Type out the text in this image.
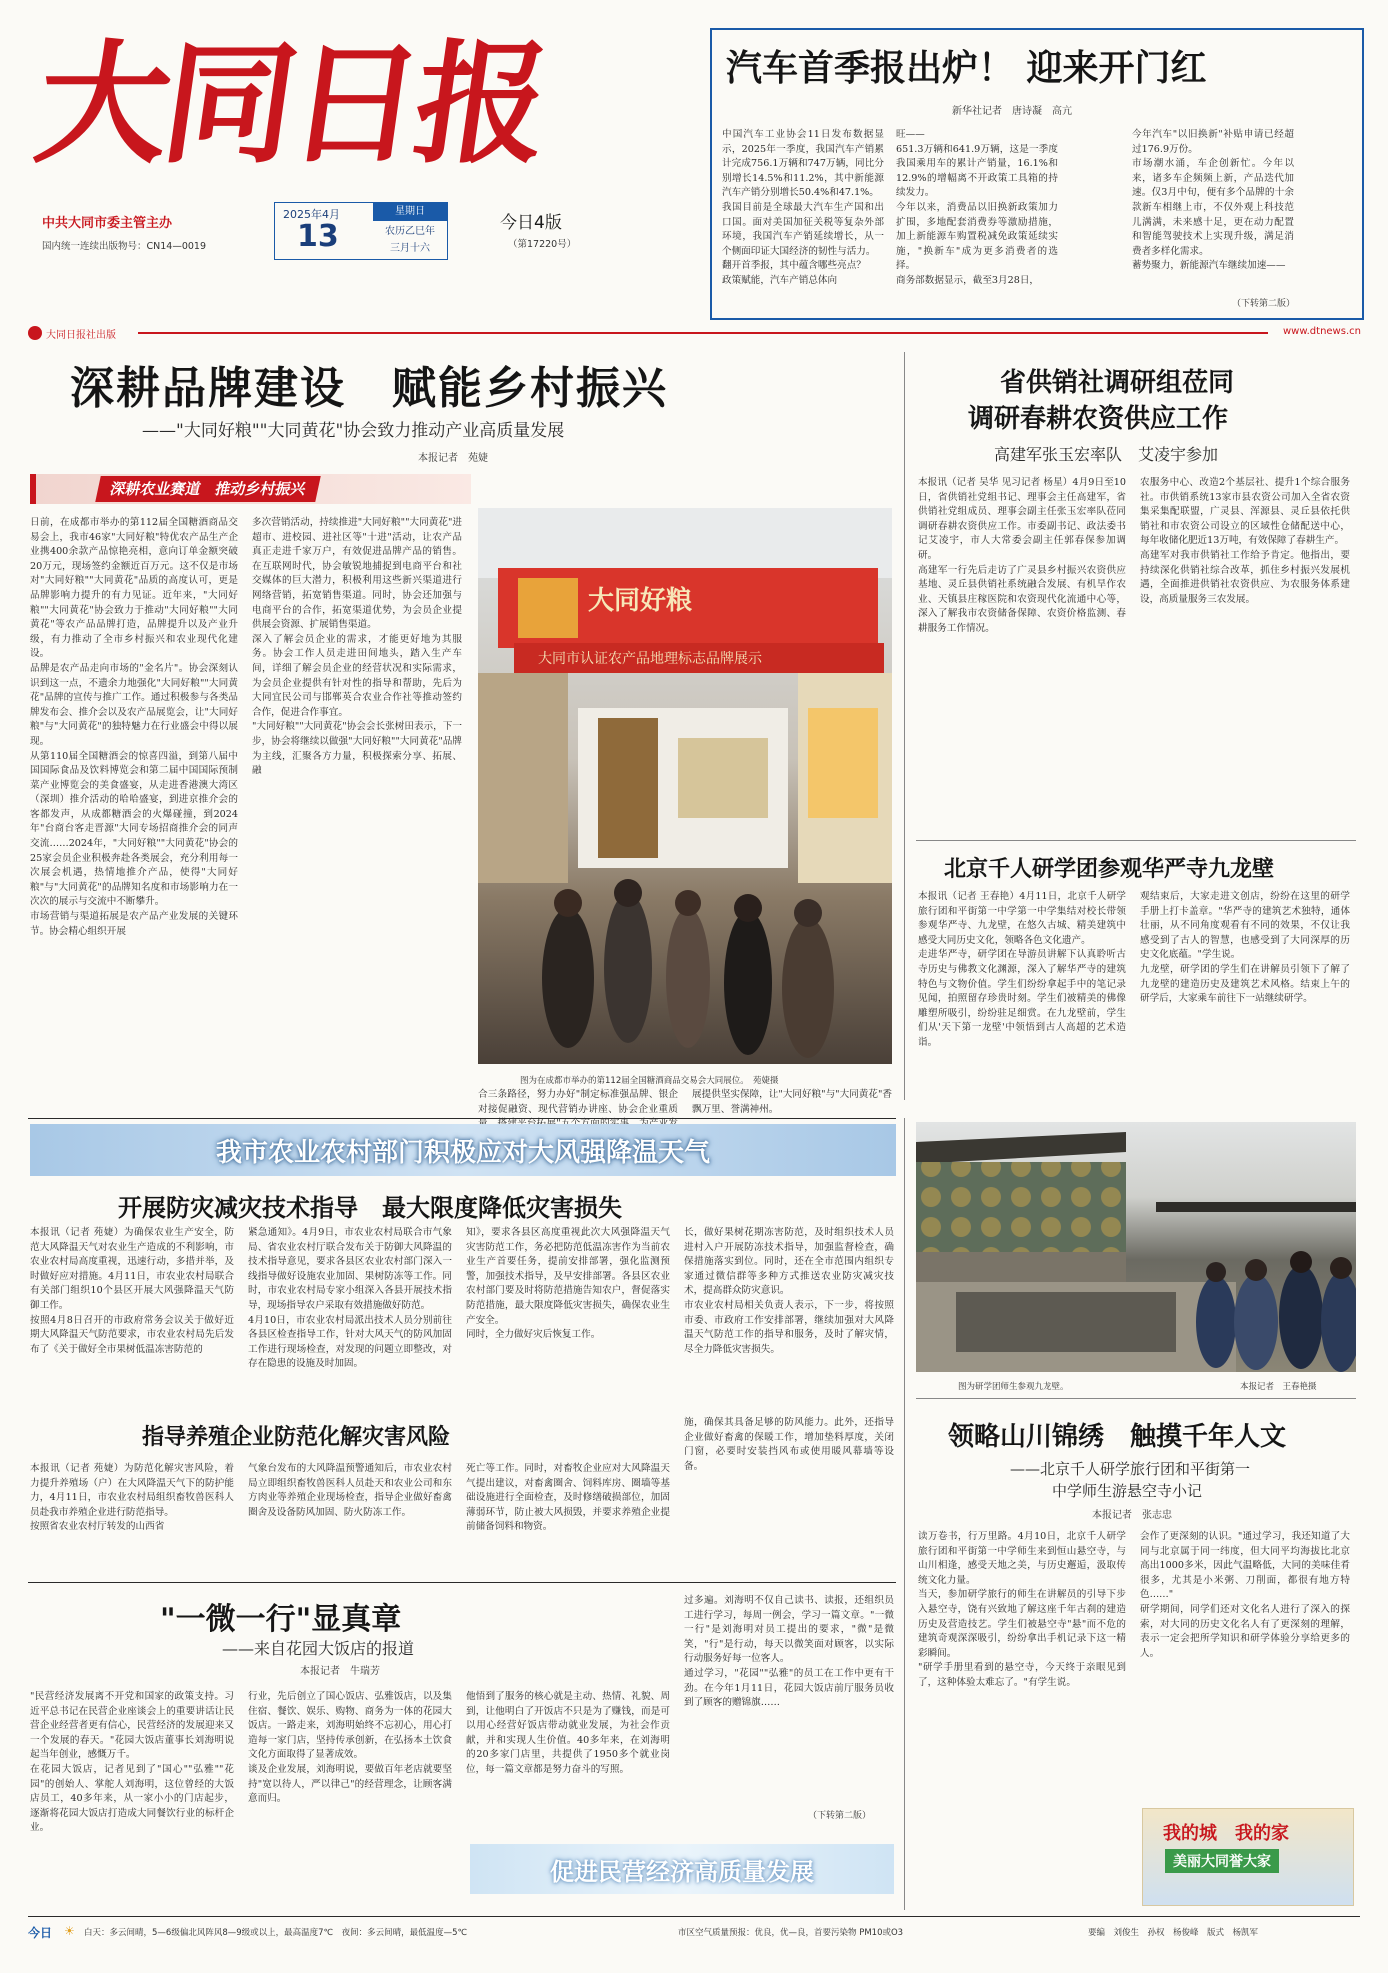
大同日报
中共大同市委主管主办
国内统一连续出版物号：CN14—0019
2025年4月
13
星期日
农历乙巳年
三月十六
今日4版
（第17220号）
汽车首季报出炉！ 迎来开门红
新华社记者　唐诗凝　高亢
中国汽车工业协会11日发布数据显示，2025年一季度，我国汽车产销累计完成756.1万辆和747万辆，同比分别增长14.5%和11.2%，其中新能源汽车产销分别增长50.4%和47.1%。
我国目前是全球最大汽车生产国和出口国。面对美国加征关税等复杂外部环境，我国汽车产销延续增长，从一个侧面印证大国经济的韧性与活力。
翻开首季报，其中蕴含哪些亮点？
政策赋能，汽车产销总体向
旺——
651.3万辆和641.9万辆，这是一季度我国乘用车的累计产销量，16.1%和12.9%的增幅离不开政策工具箱的持续发力。
今年以来，消费品以旧换新政策加力扩围，多地配套消费券等激励措施，加上新能源车购置税减免政策延续实施，"换新车"成为更多消费者的选择。
商务部数据显示，截至3月28日，
今年汽车"以旧换新"补贴申请已经超过176.9万份。
市场潮水涌，车企创新忙。今年以来，诸多车企频频上新，产品迭代加速。仅3月中旬，便有多个品牌的十余款新车相继上市，不仅外观上科技范儿满满，未来感十足，更在动力配置和智能驾驶技术上实现升级，满足消费者多样化需求。
蓄势聚力，新能源汽车继续加速——
（下转第二版）
大同日报社出版	www.dtnews.cn
深耕品牌建设　赋能乡村振兴
——"大同好粮""大同黄花"协会致力推动产业高质量发展
本报记者　苑婕
深耕农业赛道　推动乡村振兴
日前，在成都市举办的第112届全国糖酒商品交易会上，我市46家"大同好粮"特优农产品生产企业携400余款产品惊艳亮相，意向订单金额突破20万元，现场签约金额近百万元。这不仅是市场对"大同好粮""大同黄花"品质的高度认可，更是品牌影响力提升的有力见证。近年来，"大同好粮""大同黄花"协会致力于推动"大同好粮""大同黄花"等农产品品牌打造，品牌提升以及产业升级，有力推动了全市乡村振兴和农业现代化建设。
品牌是农产品走向市场的"金名片"。协会深刻认识到这一点，不遗余力地强化"大同好粮""大同黄花"品牌的宣传与推广工作。通过积极参与各类品牌发布会、推介会以及农产品展览会，让"大同好粮"与"大同黄花"的独特魅力在行业盛会中得以展现。
从第110届全国糖酒会的惊喜四溢，到第八届中国国际食品及饮料博览会和第二届中国国际预制菜产业博览会的美食盛宴，从走进香港澳大湾区（深圳）推介活动的哈哈盛宴，到进京推介会的客都发声，从成都糖酒会的火爆碰撞，到2024年"台商台客走晋源"大同专场招商推介会的同声交流……2024年，"大同好粮""大同黄花"协会的25家会员企业积极奔赴各类展会，充分利用每一次展会机遇，热情地推介产品，使得"大同好粮"与"大同黄花"的品牌知名度和市场影响力在一次次的展示与交流中不断攀升。
市场营销与渠道拓展是农产品产业发展的关键环节。协会精心组织开展
多次营销活动，持续推进"大同好粮""大同黄花"进超市、进校园、进社区等"十进"活动，让农产品真正走进千家万户，有效促进品牌产品的销售。在互联网时代，协会敏锐地捕捉到电商平台和社交媒体的巨大潜力，积极利用这些新兴渠道进行网络营销，拓宽销售渠道。同时，协会还加强与电商平台的合作，拓宽渠道优势，为会员企业提供展会资源、扩展销售渠道。
深入了解会员企业的需求，才能更好地为其服务。协会工作人员走进田间地头，踏入生产车间，详细了解会员企业的经营状况和实际需求，为会员企业提供有针对性的指导和帮助，先后为大同宜民公司与邯郸英合农业合作社等推动签约合作，促进合作事宜。
"大同好粮""大同黄花"协会会长张树田表示，下一步，协会将继续以做强"大同好粮""大同黄花"品牌为主线，汇聚各方力量，积极探索分享、拓展、融
大同好粮
大同市认证农产品地理标志品牌展示
图为在成都市举办的第112届全国糖酒商品交易会大同展位。　苑婕摄
合三条路径，努力办好"制定标准强品牌、银企对接促融资、现代营销办讲座、协会企业重质 展提供坚实保障，让"大同好粮"与"大同黄花"香飘万里、誉满神州。
省供销社调研组莅同
调研春耕农资供应工作
高建军张玉宏率队　艾凌宇参加
本报讯（记者 吴华 见习记者 杨星）4月9日至10日，省供销社党组书记、理事会主任高建军，省供销社党组成员、理事会副主任张玉宏率队莅同调研春耕农资供应工作。市委副书记、政法委书记艾凌宇，市人大常委会副主任郭春保参加调研。
高建军一行先后走访了广灵县乡村振兴农资供应基地、灵丘县供销社系统融合发展、有机旱作农业、天镇县庄稼医院和农资现代化流通中心等，深入了解我市农资储备保障、农资价格监测、春耕服务工作情况。
农服务中心、改造2个基层社、提升1个综合服务社。市供销系统13家市县农资公司加入全省农资集采集配联盟，广灵县、浑源县、灵丘县依托供销社和市农资公司设立的区域性仓储配送中心，每年收储化肥近13万吨，有效保障了春耕生产。
高建军对我市供销社工作给予肯定。他指出，要持续深化供销社综合改革，抓住乡村振兴发展机遇，全面推进供销社农资供应、为农服务体系建设，高质量服务三农发展。
北京千人研学团参观华严寺九龙壁
本报讯（记者 王春艳）4月11日，北京千人研学旅行团和平街第一中学第一中学集结对校长带领参观华严寺、九龙壁，在悠久古城、精美建筑中感受大同历史文化，领略各色文化遗产。
走进华严寺，研学团在导游员讲解下认真聆听古寺历史与佛教文化渊源，深入了解华严寺的建筑特色与文物价值。学生们纷纷拿起手中的笔记录见闻，拍照留存珍贵时刻。学生们被精美的佛像雕塑所吸引，纷纷驻足细赏。在九龙壁前，学生们从'天下第一龙壁'中领悟到古人高超的艺术造诣。
观结束后，大家走进文创店，纷纷在这里的研学手册上打卡盖章。"华严寺的建筑艺术独特，通体壮丽，从不同角度观看有不同的效果，不仅让我感受到了古人的智慧，也感受到了大同深厚的历史文化底蕴。"学生说。
九龙壁，研学团的学生们在讲解员引领下了解了九龙壁的建造历史及建筑艺术风格。结束上午的研学后，大家乘车前往下一站继续研学。
我市农业农村部门积极应对大风强降温天气
开展防灾减灾技术指导　最大限度降低灾害损失
本报讯（记者 苑婕）为确保农业生产安全，防范大风降温天气对农业生产造成的不利影响，市农业农村局高度重视，迅速行动，多措并举，及时做好应对措施。4月11日，市农业农村局联合有关部门组织10个县区开展大风强降温天气防御工作。
按照4月8日召开的市政府常务会议关于做好近期大风降温天气防范要求，市农业农村局先后发布了《关于做好全市果树低温冻害防范的
紧急通知》。4月9日，市农业农村局联合市气象局、省农业农村厅联合发布关于防御大风降温的技术指导意见，要求各县区农业农村部门深入一线指导做好设施农业加固、果树防冻等工作。同时，市农业农村局专家小组深入各县开展技术指导，现场指导农户采取有效措施做好防范。
4月10日，市农业农村局派出技术人员分别前往各县区检查指导工作，针对大风天气的防风加固工作进行现场检查，对发现的问题立即整改，对存在隐患的设施及时加固。
知》，要求各县区高度重视此次大风强降温天气灾害防范工作，务必把防范低温冻害作为当前农业生产首要任务，提前安排部署，强化监测预警，加强技术指导，及早安排部署。各县区农业农村部门要及时将防范措施告知农户，督促落实防范措施，最大限度降低灾害损失，确保农业生产安全。
同时，全力做好灾后恢复工作。
长，做好果树花期冻害防范，及时组织技术人员进村入户开展防冻技术指导，加强监督检查，确保措施落实到位。同时，还在全市范围内组织专家通过微信群等多种方式推送农业防灾减灾技术，提高群众防灾意识。
市农业农村局相关负责人表示，下一步，将按照市委、市政府工作安排部署，继续加强对大风降温天气防范工作的指导和服务，及时了解灾情，尽全力降低灾害损失。
指导养殖企业防范化解灾害风险
本报讯（记者 苑婕）为防范化解灾害风险，着力提升养殖场（户）在大风降温天气下的防护能力，4月11日，市农业农村局组织畜牧兽医科人员赴我市养殖企业进行防范指导。
按照省农业农村厅转发的山西省
气象台发布的大风降温预警通知后，市农业农村局立即组织畜牧兽医科人员赴天和农业公司和东方肉业等养殖企业现场检查，指导企业做好畜禽圈舍及设备防风加固、防火防冻工作。
死亡等工作。同时，对畜牧企业应对大风降温天气提出建议，对畜禽圈舍、饲料库房、圈墙等基础设施进行全面检查，及时修缮破损部位，加固薄弱环节，防止被大风损毁，并要求养殖企业提前储备饲料和物资。
施，确保其具备足够的防风能力。此外，还指导企业做好畜禽的保暖工作，增加垫料厚度，关闭门窗，必要时安装挡风布或使用暖风幕墙等设备。
图为研学团师生参观九龙壁。	本报记者　王春艳摄
领略山川锦绣　触摸千年人文
——北京千人研学旅行团和平街第一
中学师生游悬空寺小记
本报记者　张志忠
读万卷书，行万里路。4月10日，北京千人研学旅行团和平街第一中学师生来到恒山悬空寺，与山川相逢，感受天地之美，与历史邂逅，汲取传统文化力量。
当天，参加研学旅行的师生在讲解员的引导下步入悬空寺，饶有兴致地了解这座千年古刹的建造历史及营造技艺。学生们被悬空寺"悬"而不危的建筑奇观深深吸引，纷纷拿出手机记录下这一精彩瞬间。
"研学手册里看到的悬空寺，今天终于亲眼见到了，这种体验太难忘了。"有学生说。
会作了更深刻的认识。"通过学习，我还知道了大同与北京属于同一纬度，但大同平均海拔比北京高出1000多米，因此气温略低，大同的美味佳肴很多，尤其是小米粥、刀削面，都很有地方特色……"
研学期间，同学们还对文化名人进行了深入的探索，对大同的历史文化名人有了更深刻的理解，表示一定会把所学知识和研学体验分享给更多的人。
我的城　我的家
美丽大同誉大家
"一微一行"显真章
——来自花园大饭店的报道
本报记者　牛瑞芳
"民营经济发展离不开党和国家的政策支持。习近平总书记在民营企业座谈会上的重要讲话让民营企业经营者更有信心，民营经济的发展迎来又一个发展的春天。"花园大饭店董事长刘海明说起当年创业，感慨万千。
在花园大饭店，记者见到了"国心""弘雅""花园"的创始人、掌舵人刘海明，这位曾经的大饭店员工，40多年来，从一家小小的门店起步，逐渐将花园大饭店打造成大同餐饮行业的标杆企业。
行业，先后创立了国心饭店、弘雅饭店，以及集住宿、餐饮、娱乐、购物、商务为一体的花园大饭店。一路走来，刘海明始终不忘初心，用心打造每一家门店，坚持传承创新，在弘扬本土饮食文化方面取得了显著成效。
谈及企业发展，刘海明说，要做百年老店就要坚持"宽以待人，严以律己"的经营理念，让顾客满意而归。
他悟到了服务的核心就是主动、热情、礼貌、周到，让他明白了开饭店不只是为了赚钱，而是可以用心经营好饭店带动就业发展，为社会作贡献，并和实现人生价值。40多年来，在刘海明的20多家门店里，共提供了1950多个就业岗位，每一篇文章都是努力奋斗的写照。
过多遍。刘海明不仅自己读书、读报，还组织员工进行学习，每周一例会，学习一篇文章。"一微一行"是刘海明对员工提出的要求，"微"是微笑，"行"是行动，每天以微笑面对顾客，以实际行动服务好每一位客人。
通过学习，"花园""弘雅"的员工在工作中更有干劲。在今年1月11日，花园大饭店前厅服务员收到了顾客的赠锦旗……
（下转第二版）
促进民营经济高质量发展
今日 ☀ 白天：多云间晴，5—6级偏北风阵风8—9级或以上，最高温度7℃　夜间：多云间晴，最低温度—5℃	市区空气质量预报：优良，优—良，首要污染物 PM10或O3	要编　刘俊生　孙权　杨俊峰　版式　杨凯军
